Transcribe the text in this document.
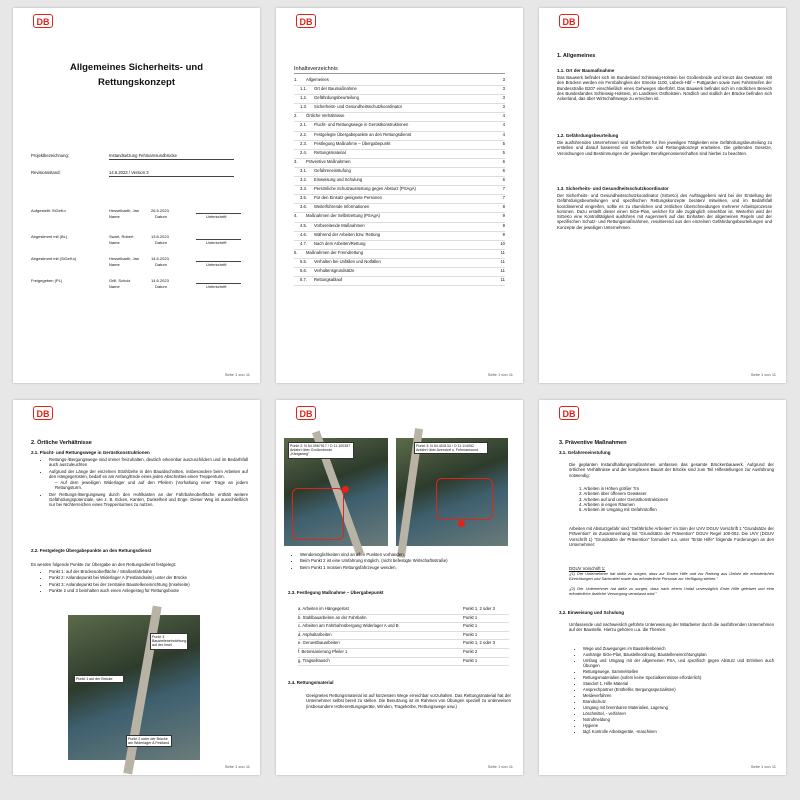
DB
Allgemeines Sicherheits- und
Rettungskonzept
Projektbezeichnung:	Instandsetzung Fehmarnsundbrücke
Revisionsstand:	14.6.2023 / Version 3
Seite 1 von 11
Aufgestellt: SiGeKo	Hesselbarth, Jan	26.5.2023
Name	Datum	Unterschrift
Abgestimmt mit (BL)	Swart, Robert	13.6.2023
Name	Datum	Unterschrift
Abgestimmt mit (SiGeKo)	Hesselbarth, Jan	14.6.2023
Name	Datum	Unterschrift
Freigegeben (PL)	Grill, Scholz	14.6.2023
Name	Datum	Unterschrift
DB
Inhaltsverzeichnis
1. Allgemeines	3
1.1. Ort der Baumaßnahme	3
1.2. Gefährdungsbeurteilung	3
1.3. Sicherheits- und Gesundheitsschutzkoordinator	3
2. Örtliche Verhältnisse	4
2.1. Flucht- und Rettungswege in Gerüstkonstruktionen	4
2.2. Festgelegte Übergabepunkte an den Rettungsdienst	4
2.3. Festlegung Maßnahme – Übergabepunkt	5
2.4. Rettungsmaterial	5
3. Präventive Maßnahmen	6
3.1. Gefahreneinstufung	6
3.2. Einweisung und Schulung	6
3.3. Persönliche Schutzausrüstung gegen Absturz (PSAgA)	7
3.5. Für den Einsatz geeignete Personen	7
3.6. Weiterführende Informationen	8
4. Maßnahmen der Selbstrettung (PSAgA)	9
4.5. Vorbereitende Maßnahmen	9
4.6. Während der Arbeiten bzw. Rettung	9
4.7. Nach dem Arbeiten/Rettung	10
5. Maßnahmen der Fremdrettung	11
5.5. Verhalten bei Unfällen und Notfällen	11
5.6. Verhaltensgrundsätze	11
5.7. Rettungsablauf	11
Seite 1 von 11
DB
1. Allgemeines
1.1. Ort der Baumaßnahme
Das Bauwerk befindet sich im Bundesland Schleswig-Holstein bei Großenbrode und kreuzt das Gewässer. Mit den Brücken werden ein Fernbahngleis der Strecke 1100, Lübeck-Hbf – Puttgarden sowie zwei Fahrstreifen der Bundesstraße B207 einschließlich eines Gehweges überführt. Das Bauwerk befindet sich im nördlichen Bereich des Bundeslandes Schleswig-Holstein, im Landkreis Ostholstein. Nördlich und südlich der Brücke befinden sich Ackerland, das über Wirtschaftswege zu erreichen ist.
1.2. Gefährdungsbeurteilung
Die ausführenden Unternehmen sind verpflichtet für ihre jeweiligen Tätigkeiten eine Gefährdungsbeurteilung zu erstellen und darauf basierend ein Sicherheits- und Rettungskonzept erarbeiten. Die geltenden Gesetze, Verordnungen und Bestimmungen der jeweiligen Berufsgenossenschaften sind hierbei zu beachten.
1.3. Sicherheits- und Gesundheitsschutzkoordinator
Der Sicherheits- und Gesundheitsschutzkoordinator (SiGeKo) des Auftraggebers wird bei der Erstellung der Gefährdungsbeurteilungen und spezifischen Rettungskonzepte beraten/ mitwirken, und im Bedarfsfall koordinierend eingreifen, sollte es zu räumlichen und zeitlichen Überschneidungen mehrerer Arbeitsprozesse kommen. Dazu erstellt dieser einen SiGe-Plan, welcher für alle zugänglich einsehbar ist. Weiterhin wird der SiGeKo eine Kontrolltätigkeit ausführen mit Augenmerk auf das Einhalten der allgemeinen Regeln und der spezifischen Schutz- und Rettungsmaßnahmen, resultierend aus den einzelnen Gefährdungsbeurteilungen und Konzepte der jeweiligen Unternehmen.
Seite 1 von 11
DB
2. Örtliche Verhältnisse
2.1. Flucht- und Rettungswege in Gerüstkonstruktionen
• Rettungs-/Bergungswege sind immer freizuhalten, deutlich erkennbar auszuschildern und im Bedarfsfall auch auszuleuchten
• Aufgrund der Länge der einzelnen Strahlzelte in den Bauabschnitten, insbesondere beim Arbeiten auf den Hängegerüsten, bedarf es am Anfang/Ende eines jeden Abschnittes einen Treppenturm.
– Auf dem jeweiligen Widerlager und auf den Pfeilern (Vorhaltung einer Trage an jedem Rettungsturm.
• Der Rettungs-/Bergungsweg durch den Hohlkasten an der Fahrbahnoberfläche enthält weitere Gefährdungspotenziale, wie z. B. Ecken, Kanten, Dunkelheit und Enge. Dieser Weg ist ausschließlich nur bei Nichterreichen eines Treppenturmes zu nutzen.
2.2. Festgelegte Übergabepunkte an den Rettungsdienst
Es werden folgende Punkte zur Übergabe an den Rettungsdienst festgelegt:
• Punkt 1: auf der Brückenoberfläche / Straßenfahrbahn
• Punkt 2: Anlandepunkt bei Widerlager A (Festlandseite) unter der Brücke
• Punkt 3: Anlandepunkt bei der zentralen Baustelleneinrichtung (Inselseite)
• Punkte 2 und 3 beinhalten auch einen Anlegesteg für Rettungsboote
Punkt 3 Baustelleneinrichtung auf der Insel
Punkt 1 auf der Brücke
Punkt 2 unter der Brücke am Widerlager A Festland
Seite 1 von 11
DB
Punkt 2: N 54.3967917 / O 11.100357 Anfahrt über Großenbrode „Kängsweg"
Punkt 3: N 54.404134 / O 11.114052 Anfahrt über Avendorf u. Fehmarnsund
• Wendemöglichkeiten sind an allen Punkten vorhanden.
• Beim Punkt 2 ist eine Umfahrung möglich. (nicht befestigte Wirtschaftsstraße)
• Beim Punkt 1 müssen Rettungsfahrzeuge wenden.
2.3. Festlegung Maßnahme – Übergabepunkt
a. Arbeiten im Hängegerüst	Punkt 1, 2 oder 3
b. Stahlbauarbeiten an der Fahrbahn	Punkt 1
c. Arbeiten am Fahrbahnübergang Widerlager A und B	Punkt 1
d. Asphaltarbeiten	Punkt 1
e. Geruestbauarbeiten	Punkt 1, 2 oder 3
f. Betonsanierung Pfeiler 1	Punkt 2
g. Tragseiltausch	Punkt 1
2.4. Rettungsmaterial
Geeignetes Rettungsmaterial ist auf kürzestem Wege erreichbar vorzuhalten. Das Rettungsmaterial hat der Unternehmer selbst bereit zu stellen. Die Benutzung ist im Rahmen von Übungen speziell zu unterweisen (insbesondere Höhenrettungsgeräte, Winden, Tragekörbe, Rettungswege usw.)
Seite 1 von 11
DB
3. Präventive Maßnahmen
3.1. Gefahreneinstufung
Die geplanten Instandhaltungsmaßnahmen umfassen das gesamte Brückenbauwerk. Aufgrund der örtlichen Verhältnisse und der komplexen Bauart der Brücke sind zum Teil Hilfestellungen zur Ausführung notwendig:
1. Arbeiten in Höhen größer 7m
2. Arbeiten über offenem Gewässer
3. Arbeiten auf und unter Gerüstkonstruktionen
4. Arbeiten in engen Räumen
5. Arbeiten im Umgang mit Gefahrstoffen
Arbeiten mit Absturzgefahr sind "Gefährliche Arbeiten" im Sinn der UVV DGUV Vorschrift 1 "Grundsätze der Prävention" im Zusammenhang mit "Grundsätze der Prävention" DGUV Regel 100-002. Die UVV (DGUV Vorschrift 1) "Grundsätze der Prävention" formuliert u.a. unter "Erste Hilfe" folgende Forderungen an den Unternehmer:
DGUV Vorschrift 1:
„(1) Der Unternehmer hat dafür zu sorgen, dass zur Ersten Hilfe und zur Rettung aus Gefahr die erforderlichen Einrichtungen und Sachmittel sowie das erforderliche Personal zur Verfügung stehen."
„(2) Der Unternehmer hat dafür zu sorgen, dass nach einem Unfall unverzüglich Erste Hilfe geleistet und eine erforderliche ärztliche Versorgung veranlasst wird."
3.2. Einweisung und Schulung
Umfassende und nachweislich geführte Unterweisung der Mitarbeiter durch die ausführenden Unternehmen auf der Baustelle. Hierzu gehören u.a. die Themen:
• Wege und Zuwegungen im Baustellenbereich
• Aushänge SiGe-Plan, Baustelleordnung, Baustelleneinrichtungsplan
• Umfang und Umgang mit der allgemeinen PSA, und spezifisch gegen Absturz und Ertrinken auch Übungen
• Rettungswege, Sammelstellen
• Rettungsmaterialien (sofern keine Spezialkenntnisse erforderlich)
• Standort 1. Hilfe Material
• Ansprechpartner (Ersthelfer, Bergungsspezialisten)
• Meldeverfahren
• Brandschutz
• Umgang mit brennbaren Materialien, Lagerung
• Löschmittel, - verfahren
• Notrufmeldung
• Hygiene
• tägl. Kontrolle Arbeitsgeräte, -maschinen
Seite 1 von 11
